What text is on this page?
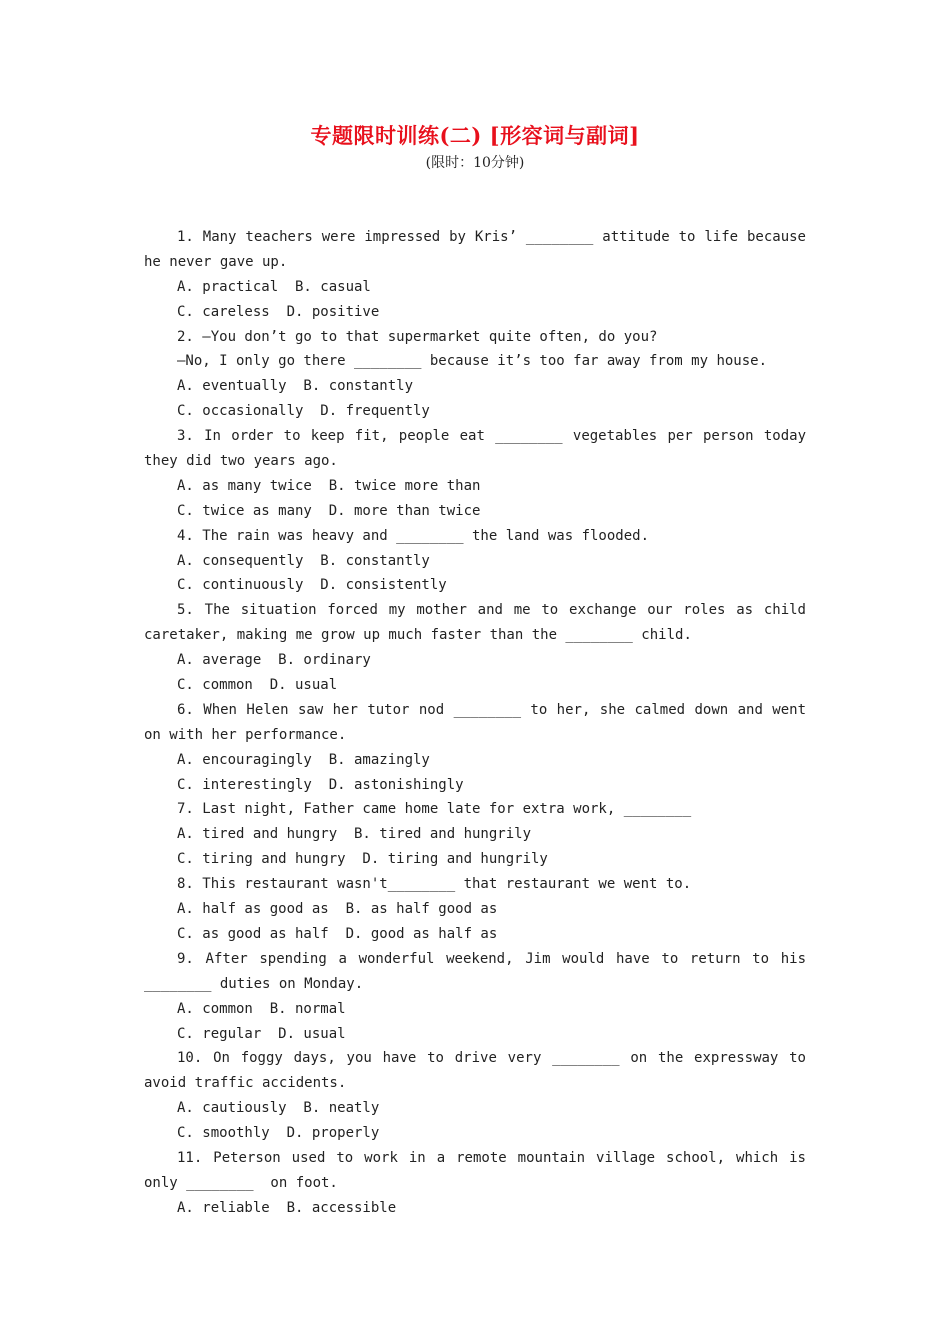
专题限时训练(二) [形容词与副词]
(限时：10分钟)
1. Many teachers were impressed by Kris’ ________ attitude to life because
he never gave up.
A. practical  B. casual
C. careless  D. positive
2. —You don’t go to that supermarket quite often, do you?
—No, I only go there ________ because it’s too far away from my house.
A. eventually  B. constantly
C. occasionally  D. frequently
3. In order to keep fit, people eat ________ vegetables per person today
they did two years ago.
A. as many twice  B. twice more than
C. twice as many  D. more than twice
4. The rain was heavy and ________ the land was flooded.
A. consequently  B. constantly
C. continuously  D. consistently
5. The situation forced my mother and me to exchange our roles as child
caretaker, making me grow up much faster than the ________ child.
A. average  B. ordinary
C. common  D. usual
6. When Helen saw her tutor nod ________ to her, she calmed down and went
on with her performance.
A. encouragingly  B. amazingly
C. interestingly  D. astonishingly
7. Last night, Father came home late for extra work, ________
A. tired and hungry  B. tired and hungrily
C. tiring and hungry  D. tiring and hungrily
8. This restaurant wasn't________ that restaurant we went to.
A. half as good as  B. as half good as
C. as good as half  D. good as half as
9. After spending a wonderful weekend, Jim would have to return to his
________ duties on Monday.
A. common  B. normal
C. regular  D. usual
10. On foggy days, you have to drive very ________ on the expressway to
avoid traffic accidents.
A. cautiously  B. neatly
C. smoothly  D. properly
11. Peterson used to work in a remote mountain village school, which is
only ________  on foot.
A. reliable  B. accessible
